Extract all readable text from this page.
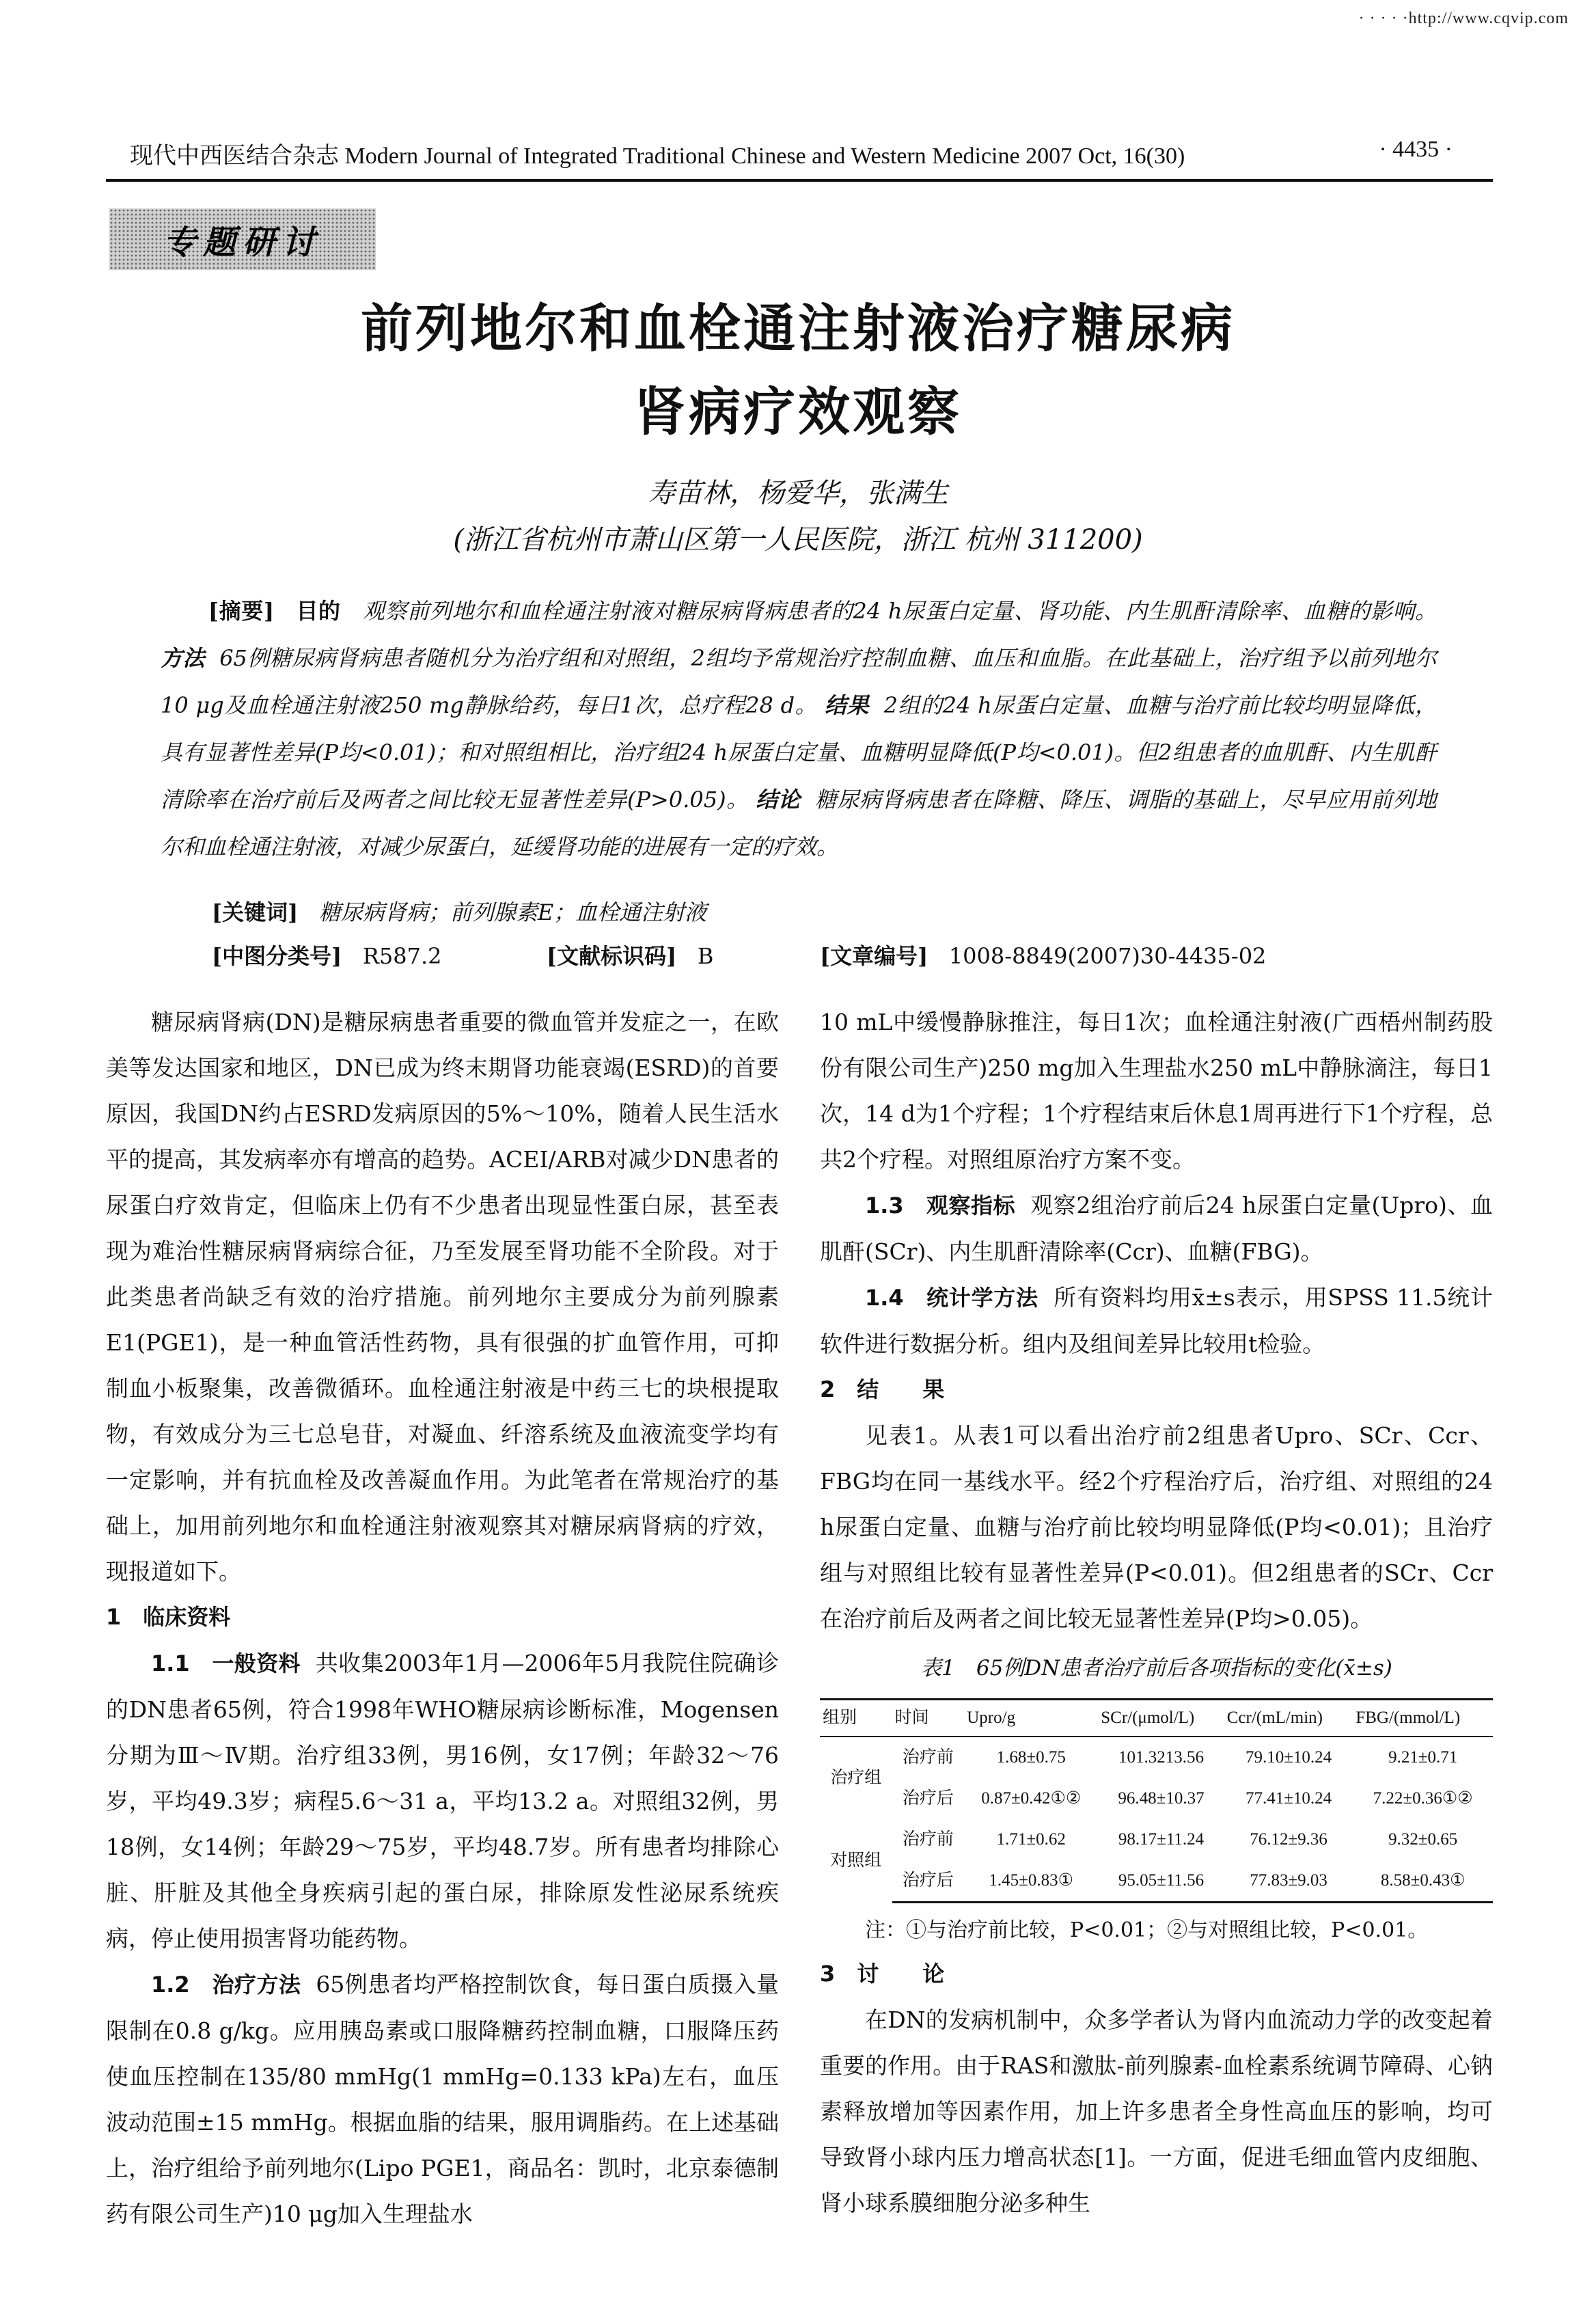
· · · · ·http://www.cqvip.com
现代中西医结合杂志 Modern Journal of Integrated Traditional Chinese and Western Medicine 2007 Oct, 16(30)	· 4435 ·
专题研讨
前列地尔和血栓通注射液治疗糖尿病
肾病疗效观察
寿苗林，杨爱华，张满生
(浙江省杭州市萧山区第一人民医院，浙江 杭州 311200)
[摘要] 目的 观察前列地尔和血栓通注射液对糖尿病肾病患者的24 h尿蛋白定量、肾功能、内生肌酐清除率、血糖的影响。 方法 65例糖尿病肾病患者随机分为治疗组和对照组，2组均予常规治疗控制血糖、血压和血脂。在此基础上，治疗组予以前列地尔10 μg及血栓通注射液250 mg静脉给药，每日1次，总疗程28 d。 结果 2组的24 h尿蛋白定量、血糖与治疗前比较均明显降低，具有显著性差异(P均<0.01)；和对照组相比，治疗组24 h尿蛋白定量、血糖明显降低(P均<0.01)。但2组患者的血肌酐、内生肌酐清除率在治疗前后及两者之间比较无显著性差异(P>0.05)。 结论 糖尿病肾病患者在降糖、降压、调脂的基础上，尽早应用前列地尔和血栓通注射液，对减少尿蛋白，延缓肾功能的进展有一定的疗效。
[关键词] 糖尿病肾病；前列腺素E；血栓通注射液
[中图分类号] R587.2	[文献标识码] B	[文章编号] 1008-8849(2007)30-4435-02

糖尿病肾病(DN)是糖尿病患者重要的微血管并发症之一，在欧美等发达国家和地区，DN已成为终末期肾功能衰竭(ESRD)的首要原因，我国DN约占ESRD发病原因的5%～10%，随着人民生活水平的提高，其发病率亦有增高的趋势。ACEI/ARB对减少DN患者的尿蛋白疗效肯定，但临床上仍有不少患者出现显性蛋白尿，甚至表现为难治性糖尿病肾病综合征，乃至发展至肾功能不全阶段。对于此类患者尚缺乏有效的治疗措施。前列地尔主要成分为前列腺素E1(PGE1)，是一种血管活性药物，具有很强的扩血管作用，可抑制血小板聚集，改善微循环。血栓通注射液是中药三七的块根提取物，有效成分为三七总皂苷，对凝血、纤溶系统及血液流变学均有一定影响，并有抗血栓及改善凝血作用。为此笔者在常规治疗的基础上，加用前列地尔和血栓通注射液观察其对糖尿病肾病的疗效，现报道如下。

1　临床资料

1.1　一般资料 共收集2003年1月—2006年5月我院住院确诊的DN患者65例，符合1998年WHO糖尿病诊断标准，Mogensen分期为Ⅲ～Ⅳ期。治疗组33例，男16例，女17例；年龄32～76岁，平均49.3岁；病程5.6～31 a，平均13.2 a。对照组32例，男18例，女14例；年龄29～75岁，平均48.7岁。所有患者均排除心脏、肝脏及其他全身疾病引起的蛋白尿，排除原发性泌尿系统疾病，停止使用损害肾功能药物。

1.2　治疗方法 65例患者均严格控制饮食，每日蛋白质摄入量限制在0.8 g/kg。应用胰岛素或口服降糖药控制血糖，口服降压药使血压控制在135/80 mmHg(1 mmHg=0.133 kPa)左右，血压波动范围±15 mmHg。根据血脂的结果，服用调脂药。在上述基础上，治疗组给予前列地尔(Lipo PGE1，商品名：凯时，北京泰德制药有限公司生产)10 μg加入生理盐水

10 mL中缓慢静脉推注，每日1次；血栓通注射液(广西梧州制药股份有限公司生产)250 mg加入生理盐水250 mL中静脉滴注，每日1次，14 d为1个疗程；1个疗程结束后休息1周再进行下1个疗程，总共2个疗程。对照组原治疗方案不变。

1.3　观察指标 观察2组治疗前后24 h尿蛋白定量(Upro)、血肌酐(SCr)、内生肌酐清除率(Ccr)、血糖(FBG)。

1.4　统计学方法 所有资料均用x̄±s表示，用SPSS 11.5统计软件进行数据分析。组内及组间差异比较用t检验。

2　结　　果

见表1。从表1可以看出治疗前2组患者Upro、SCr、Ccr、FBG均在同一基线水平。经2个疗程治疗后，治疗组、对照组的24 h尿蛋白定量、血糖与治疗前比较均明显降低(P均<0.01)；且治疗组与对照组比较有显著性差异(P<0.01)。但2组患者的SCr、Ccr在治疗前后及两者之间比较无显著性差异(P均>0.05)。

表1　65例DN患者治疗前后各项指标的变化(x̄±s)

组别	时间	Upro/g	SCr/(μmol/L)	Ccr/(mL/min)	FBG/(mmol/L)
治疗组	治疗前	1.68±0.75	101.3213.56	79.10±10.24	9.21±0.71
	治疗后	0.87±0.42①②	96.48±10.37	77.41±10.24	7.22±0.36①②
对照组	治疗前	1.71±0.62	98.17±11.24	76.12±9.36	9.32±0.65
	治疗后	1.45±0.83①	95.05±11.56	77.83±9.03	8.58±0.43①

注：①与治疗前比较，P<0.01；②与对照组比较，P<0.01。

3　讨　　论

在DN的发病机制中，众多学者认为肾内血流动力学的改变起着重要的作用。由于RAS和激肽-前列腺素-血栓素系统调节障碍、心钠素释放增加等因素作用，加上许多患者全身性高血压的影响，均可导致肾小球内压力增高状态[1]。一方面，促进毛细血管内皮细胞、肾小球系膜细胞分泌多种生
